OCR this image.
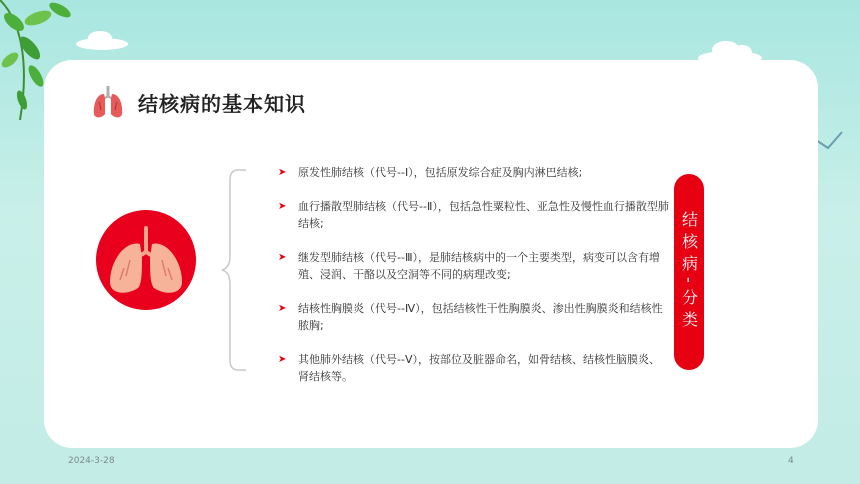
结核病的基本知识
➤	原发性肺结核（代号--Ⅰ），包括原发综合症及胸内淋巴结核;
➤	血行播散型肺结核（代号--Ⅱ），包括急性粟粒性、亚急性及慢性血行播散型肺结核;
➤	继发型肺结核（代号--Ⅲ），是肺结核病中的一个主要类型，病变可以含有增殖、浸润、干酪以及空洞等不同的病理改变;
➤	结核性胸膜炎（代号--Ⅳ），包括结核性干性胸膜炎、渗出性胸膜炎和结核性脓胸;
➤	其他肺外结核（代号--Ⅴ），按部位及脏器命名，如骨结核、结核性脑膜炎、肾结核等。
结核病-分类
2024-3-28	4
